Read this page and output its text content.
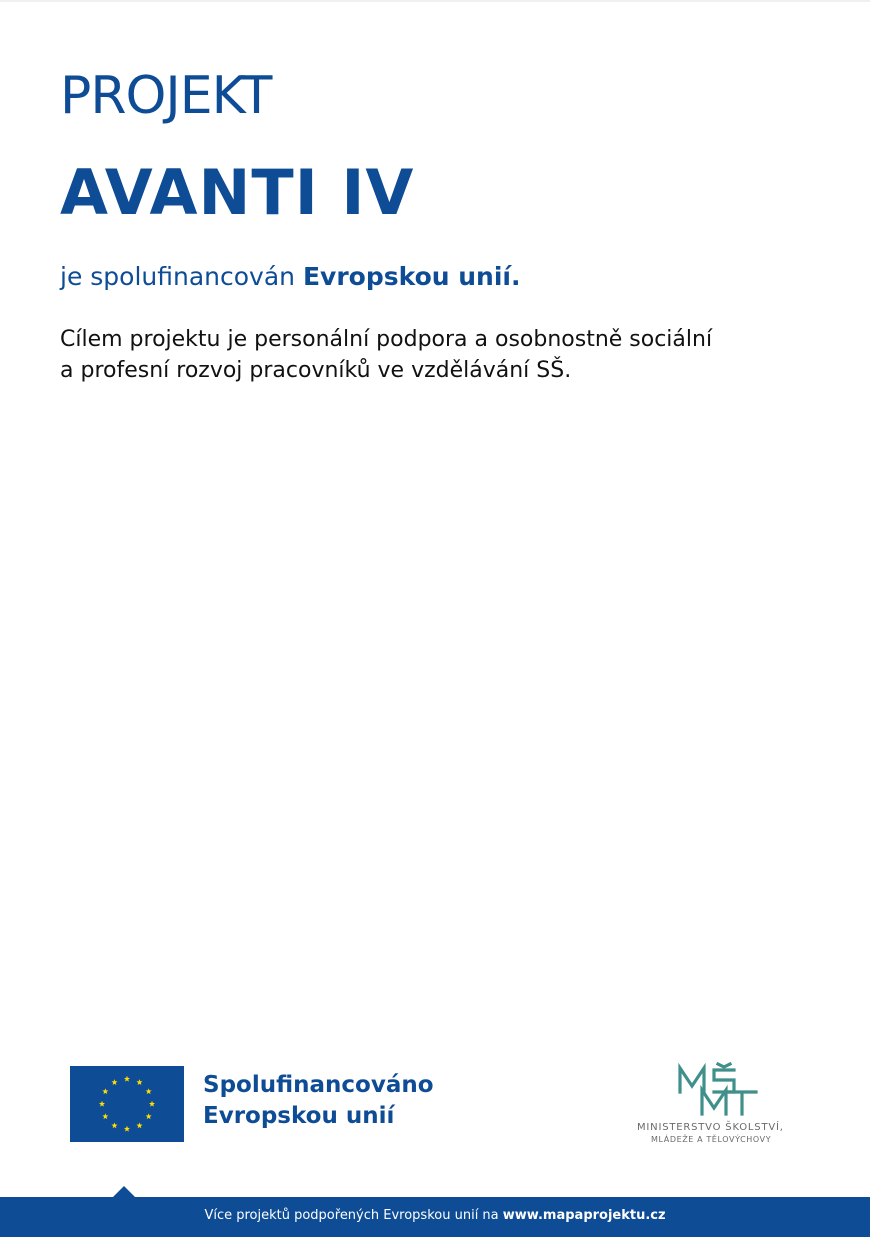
PROJEKT
AVANTI IV
je spolufinancován Evropskou unií.
Cílem projektu je personální podpora a osobnostně sociální
a profesní rozvoj pracovníků ve vzdělávání SŠ.
Spolufinancováno
Evropskou unií	MINISTERSTVO ŠKOLSTVÍ,
MLÁDEŽE A TĚLOVÝCHOVY
Více projektů podpořených Evropskou unií na www.mapaprojektu.cz
